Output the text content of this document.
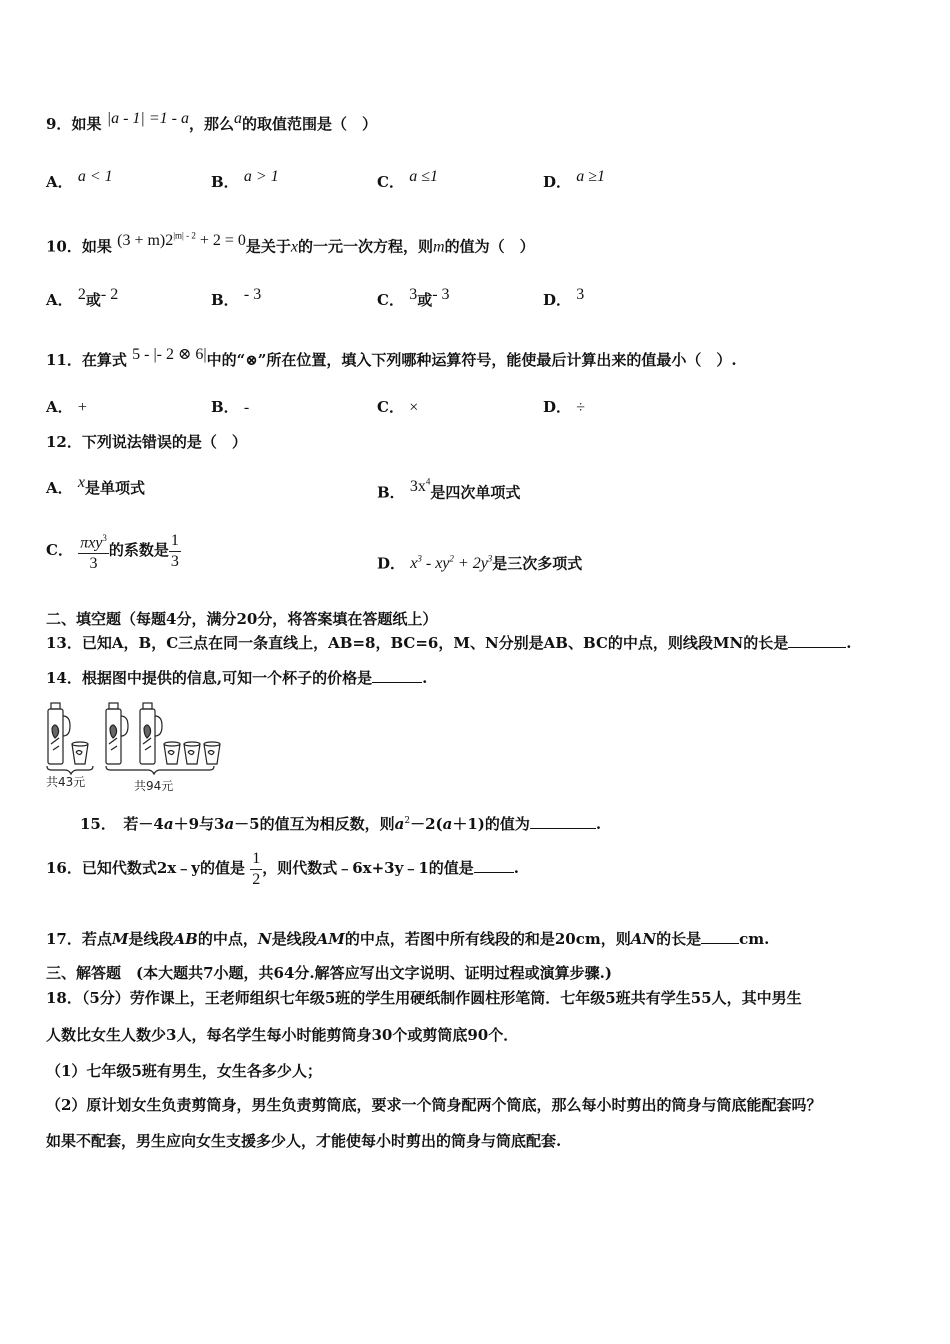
9．如果 |a - 1| =1 - a，那么a的取值范围是（　）
A． a < 1	B． a > 1	C． a ≤1	D． a ≥1
10．如果 $(3 + m)2^{|m| - 2} + 2 = 0$是关于x的一元一次方程，则m的值为（　）
A． 2或- 2	B． - 3	C． 3或- 3	D． 3
11．在算式 5 - |- 2 ⊗ 6|中的“⊗”所在位置，填入下列哪种运算符号，能使最后计算出来的值最小（　）.
A． +	B． -	C． ×	D． ÷
12．下列说法错误的是（　）
A． x是单项式	B． $3x^4$是四次单项式
C． $\frac{\pi xy^3}{3}$ 的系数是 $\frac{1}{3}$	D． $x^3 - xy^2 + 2y^3$是三次多项式
二、填空题（每题4分，满分20分，将答案填在答题纸上）
13．已知A，B，C三点在同一条直线上，AB=8，BC=6，M、N分别是AB、BC的中点，则线段MN的长是	.
14．根据图中提供的信息,可知一个杯子的价格是	.
共43元	共94元
15．　 若－4a＋9与3a－5的值互为相反数，则$a^2-2(a+1)$的值为	.
16．已知代数式2x﹣y的值是 $\frac{1}{2}$ ，则代数式﹣6x+3y﹣1的值是	.
17．若点M是线段AB的中点，N是线段AM的中点，若图中所有线段的和是20cm，则AN的长是	cm.
三、解答题　(本大题共7小题，共64分.解答应写出文字说明、证明过程或演算步骤.)
18．（5分）劳作课上，王老师组织七年级5班的学生用硬纸制作圆柱形笔筒．七年级5班共有学生55人，其中男生
人数比女生人数少3人，每名学生每小时能剪筒身30个或剪筒底90个．
（1）七年级5班有男生，女生各多少人；
（2）原计划女生负责剪筒身，男生负责剪筒底，要求一个筒身配两个筒底，那么每小时剪出的筒身与筒底能配套吗？
如果不配套，男生应向女生支援多少人，才能使每小时剪出的筒身与筒底配套.
